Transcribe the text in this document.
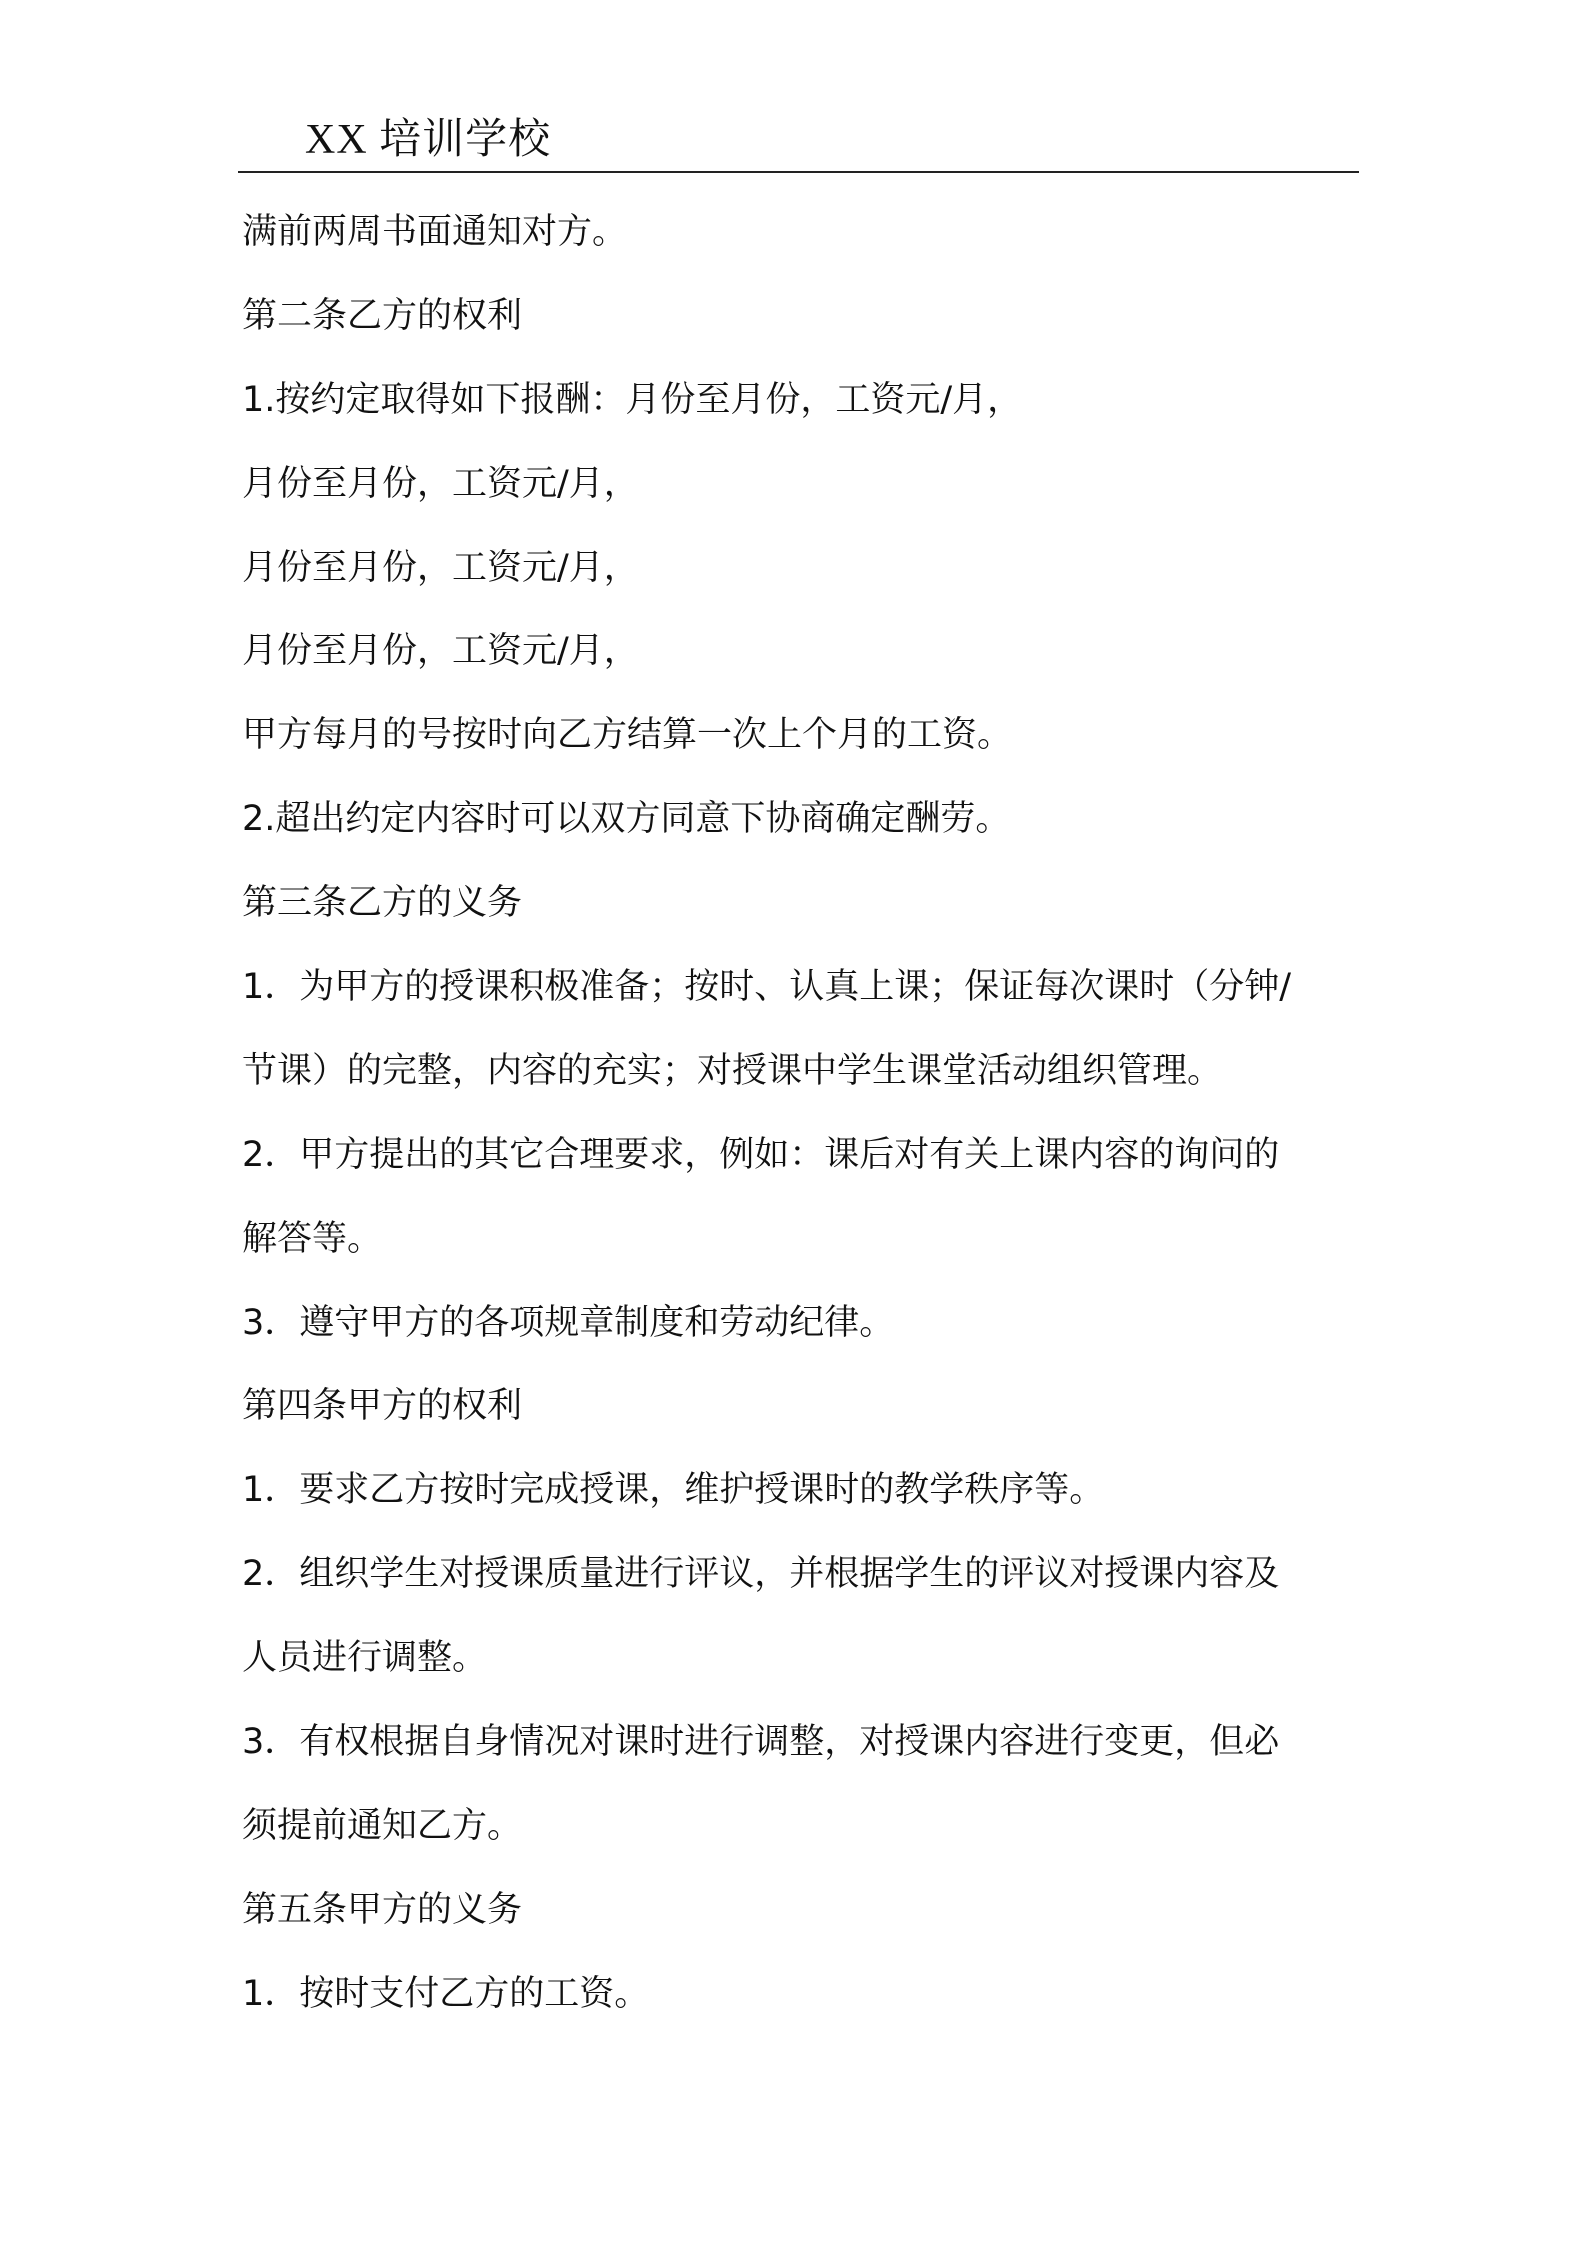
XX 培训学校
满前两周书面通知对方。
第二条乙方的权利
1.按约定取得如下报酬：月份至月份，工资元/月，
月份至月份，工资元/月，
月份至月份，工资元/月，
月份至月份，工资元/月，
甲方每月的号按时向乙方结算一次上个月的工资。
2.超出约定内容时可以双方同意下协商确定酬劳。
第三条乙方的义务
1．为甲方的授课积极准备；按时、认真上课；保证每次课时（分钟/
节课）的完整，内容的充实；对授课中学生课堂活动组织管理。
2．甲方提出的其它合理要求，例如：课后对有关上课内容的询问的
解答等。
3．遵守甲方的各项规章制度和劳动纪律。
第四条甲方的权利
1．要求乙方按时完成授课，维护授课时的教学秩序等。
2．组织学生对授课质量进行评议，并根据学生的评议对授课内容及
人员进行调整。
3．有权根据自身情况对课时进行调整，对授课内容进行变更，但必
须提前通知乙方。
第五条甲方的义务
1．按时支付乙方的工资。
